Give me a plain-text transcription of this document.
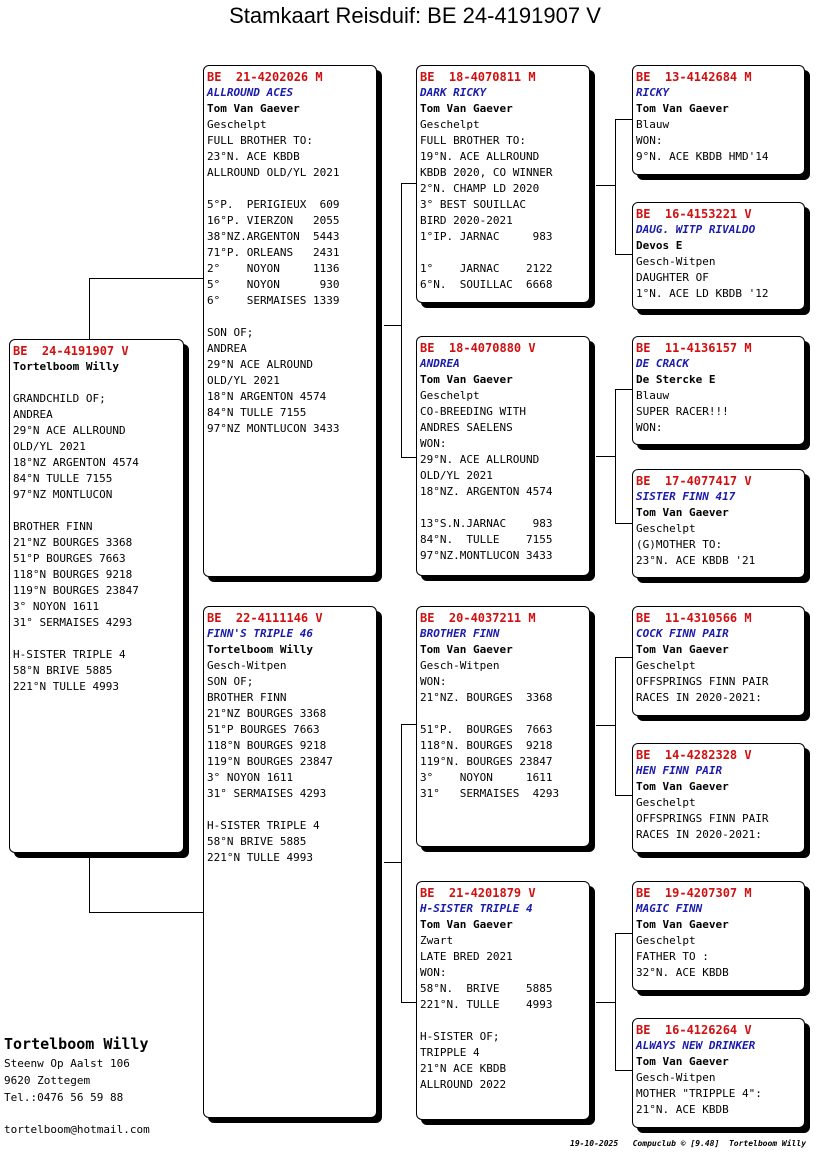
Stamkaart Reisduif: BE 24-4191907 V
BE  24-4191907 V
Tortelboom Willy
GRANDCHILD OF;
ANDREA
29°N ACE ALLROUND
OLD/YL 2021
18°NZ ARGENTON 4574
84°N TULLE 7155
97°NZ MONTLUCON
BROTHER FINN
21°NZ BOURGES 3368
51°P BOURGES 7663
118°N BOURGES 9218
119°N BOURGES 23847
3° NOYON 1611
31° SERMAISES 4293
H-SISTER TRIPLE 4
58°N BRIVE 5885
221°N TULLE 4993
BE  21-4202026 M
ALLROUND ACES
Tom Van Gaever
Geschelpt
FULL BROTHER TO:
23°N. ACE KBDB
ALLROUND OLD/YL 2021
5°P.  PERIGIEUX  609
16°P. VIERZON   2055
38°NZ.ARGENTON  5443
71°P. ORLEANS   2431
2°    NOYON     1136
5°    NOYON      930
6°    SERMAISES 1339
SON OF;
ANDREA
29°N ACE ALROUND
OLD/YL 2021
18°N ARGENTON 4574
84°N TULLE 7155
97°NZ MONTLUCON 3433
BE  22-4111146 V
FINN'S TRIPLE 46
Tortelboom Willy
Gesch-Witpen
SON OF;
BROTHER FINN
21°NZ BOURGES 3368
51°P BOURGES 7663
118°N BOURGES 9218
119°N BOURGES 23847
3° NOYON 1611
31° SERMAISES 4293
H-SISTER TRIPLE 4
58°N BRIVE 5885
221°N TULLE 4993
BE  18-4070811 M
DARK RICKY
Tom Van Gaever
Geschelpt
FULL BROTHER TO:
19°N. ACE ALLROUND
KBDB 2020, CO WINNER
2°N. CHAMP LD 2020
3° BEST SOUILLAC
BIRD 2020-2021
1°IP. JARNAC     983
1°    JARNAC    2122
6°N.  SOUILLAC  6668
BE  18-4070880 V
ANDREA
Tom Van Gaever
Geschelpt
CO-BREEDING WITH
ANDRES SAELENS
WON:
29°N. ACE ALLROUND
OLD/YL 2021
18°NZ. ARGENTON 4574
13°S.N.JARNAC    983
84°N.  TULLE    7155
97°NZ.MONTLUCON 3433
BE  20-4037211 M
BROTHER FINN
Tom Van Gaever
Gesch-Witpen
WON:
21°NZ. BOURGES  3368
51°P.  BOURGES  7663
118°N. BOURGES  9218
119°N. BOURGES 23847
3°    NOYON     1611
31°   SERMAISES  4293
BE  21-4201879 V
H-SISTER TRIPLE 4
Tom Van Gaever
Zwart
LATE BRED 2021
WON:
58°N.  BRIVE    5885
221°N. TULLE    4993
H-SISTER OF;
TRIPPLE 4
21°N ACE KBDB
ALLROUND 2022
BE  13-4142684 M
RICKY
Tom Van Gaever
Blauw
WON:
9°N. ACE KBDB HMD'14
BE  16-4153221 V
DAUG. WITP RIVALDO
Devos E
Gesch-Witpen
DAUGHTER OF
1°N. ACE LD KBDB '12
BE  11-4136157 M
DE CRACK
De Stercke E
Blauw
SUPER RACER!!!
WON:
BE  17-4077417 V
SISTER FINN 417
Tom Van Gaever
Geschelpt
(G)MOTHER TO:
23°N. ACE KBDB '21
BE  11-4310566 M
COCK FINN PAIR
Tom Van Gaever
Geschelpt
OFFSPRINGS FINN PAIR
RACES IN 2020-2021:
BE  14-4282328 V
HEN FINN PAIR
Tom Van Gaever
Geschelpt
OFFSPRINGS FINN PAIR
RACES IN 2020-2021:
BE  19-4207307 M
MAGIC FINN
Tom Van Gaever
Geschelpt
FATHER TO :
32°N. ACE KBDB
BE  16-4126264 V
ALWAYS NEW DRINKER
Tom Van Gaever
Gesch-Witpen
MOTHER "TRIPPLE 4":
21°N. ACE KBDB
Tortelboom Willy
Steenw Op Aalst 106
9620 Zottegem
Tel.:0476 56 59 88
tortelboom@hotmail.com
19-10-2025   Compuclub © [9.48]  Tortelboom Willy
